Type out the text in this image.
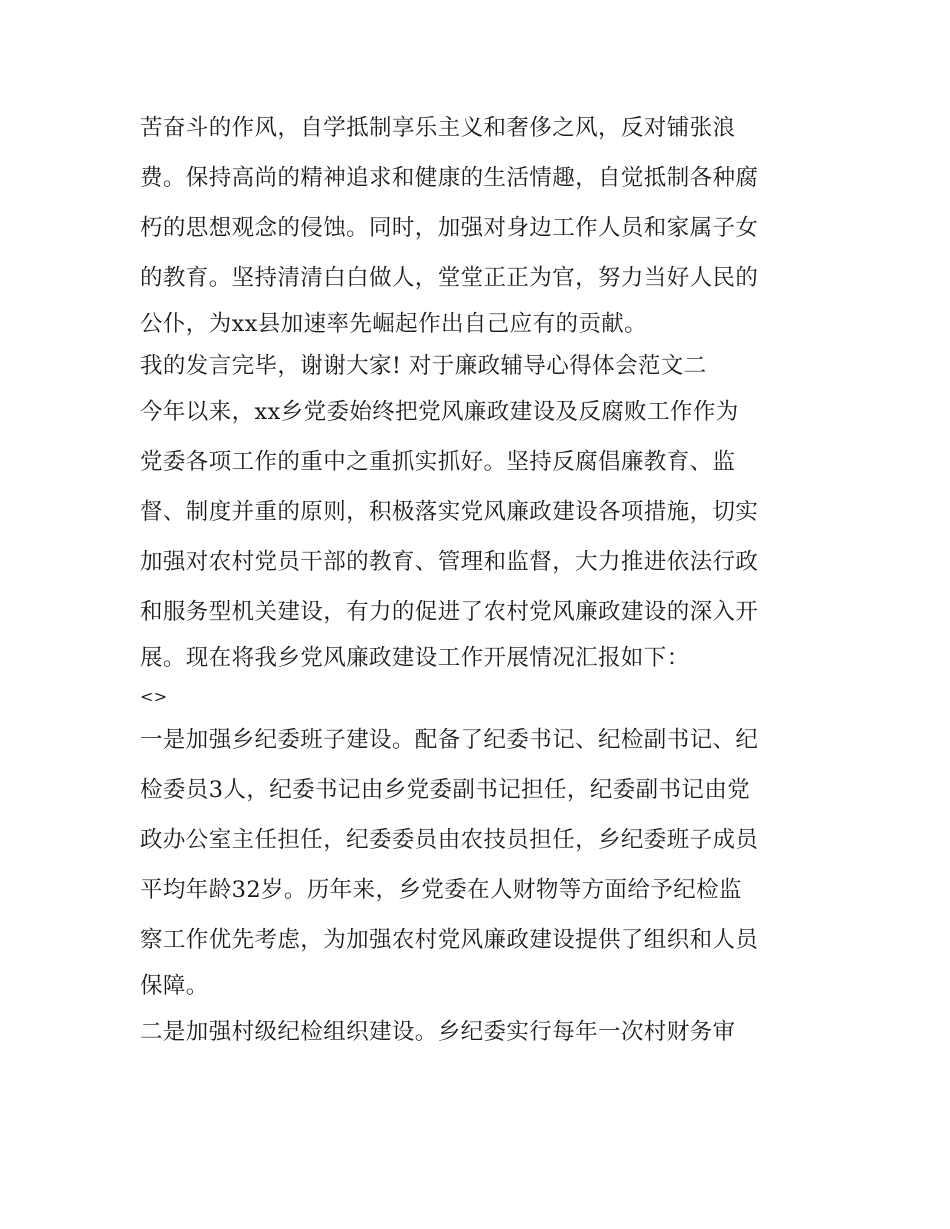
苦奋斗的作风，自学抵制享乐主义和奢侈之风，反对铺张浪
费。保持高尚的精神追求和健康的生活情趣，自觉抵制各种腐
朽的思想观念的侵蚀。同时，加强对身边工作人员和家属子女
的教育。坚持清清白白做人，堂堂正正为官，努力当好人民的
公仆，为xx县加速率先崛起作出自己应有的贡献。
我的发言完毕，谢谢大家! 对于廉政辅导心得体会范文二
今年以来，xx乡党委始终把党风廉政建设及反腐败工作作为
党委各项工作的重中之重抓实抓好。坚持反腐倡廉教育、监
督、制度并重的原则，积极落实党风廉政建设各项措施，切实
加强对农村党员干部的教育、管理和监督，大力推进依法行政
和服务型机关建设，有力的促进了农村党风廉政建设的深入开
展。现在将我乡党风廉政建设工作开展情况汇报如下：
<>
一是加强乡纪委班子建设。配备了纪委书记、纪检副书记、纪
检委员3人，纪委书记由乡党委副书记担任，纪委副书记由党
政办公室主任担任，纪委委员由农技员担任，乡纪委班子成员
平均年龄32岁。历年来，乡党委在人财物等方面给予纪检监
察工作优先考虑，为加强农村党风廉政建设提供了组织和人员
保障。
二是加强村级纪检组织建设。乡纪委实行每年一次村财务审
